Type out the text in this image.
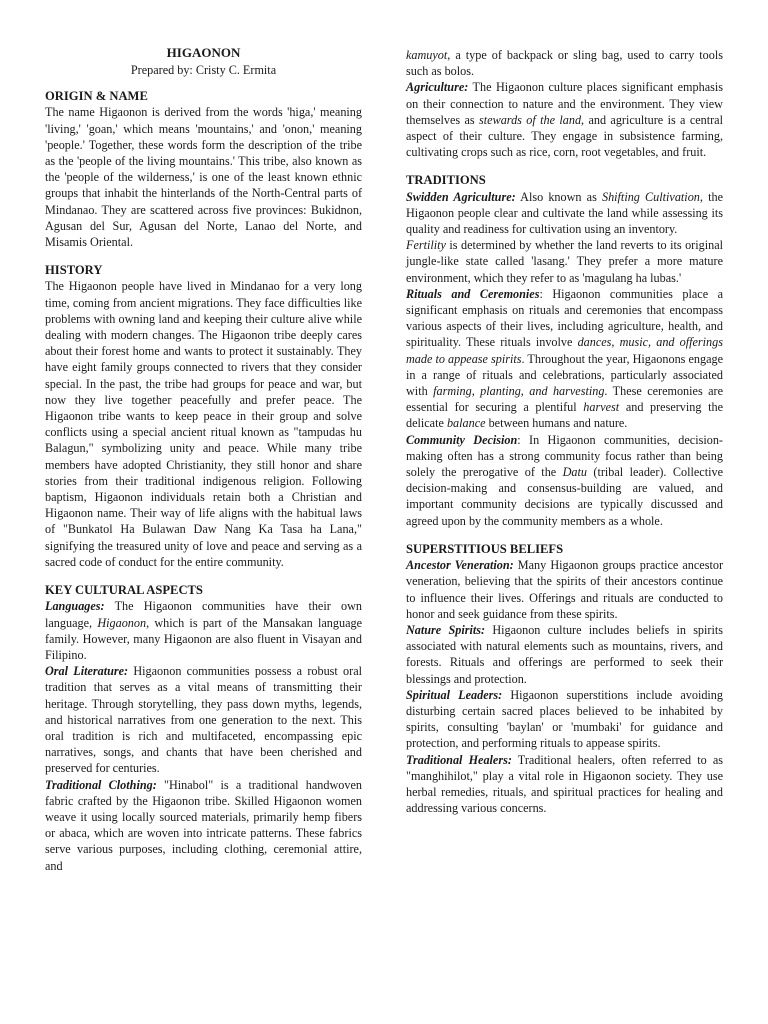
HIGAONON

Prepared by: Cristy C. Ermita

ORIGIN & NAME

The name Higaonon is derived from the words 'higa,' meaning 'living,' 'goan,' which means 'mountains,' and 'onon,' meaning 'people.' Together, these words form the description of the tribe as the 'people of the living mountains.' This tribe, also known as the 'people of the wilderness,' is one of the least known ethnic groups that inhabit the hinterlands of the North-Central parts of Mindanao. They are scattered across five provinces: Bukidnon, Agusan del Sur, Agusan del Norte, Lanao del Norte, and Misamis Oriental.

HISTORY

The Higaonon people have lived in Mindanao for a very long time, coming from ancient migrations. They face difficulties like problems with owning land and keeping their culture alive while dealing with modern changes. The Higaonon tribe deeply cares about their forest home and wants to protect it sustainably. They have eight family groups connected to rivers that they consider special. In the past, the tribe had groups for peace and war, but now they live together peacefully and prefer peace. The Higaonon tribe wants to keep peace in their group and solve conflicts using a special ancient ritual known as "tampudas hu Balagun," symbolizing unity and peace. While many tribe members have adopted Christianity, they still honor and share stories from their traditional indigenous religion. Following baptism, Higaonon individuals retain both a Christian and Higaonon name. Their way of life aligns with the habitual laws of "Bunkatol Ha Bulawan Daw Nang Ka Tasa ha Lana," signifying the treasured unity of love and peace and serving as a sacred code of conduct for the entire community.

KEY CULTURAL ASPECTS

Languages: The Higaonon communities have their own language, Higaonon, which is part of the Mansakan language family. However, many Higaonon are also fluent in Visayan and Filipino.

Oral Literature: Higaonon communities possess a robust oral tradition that serves as a vital means of transmitting their heritage. Through storytelling, they pass down myths, legends, and historical narratives from one generation to the next. This oral tradition is rich and multifaceted, encompassing epic narratives, songs, and chants that have been cherished and preserved for centuries.

Traditional Clothing: "Hinabol" is a traditional handwoven fabric crafted by the Higaonon tribe. Skilled Higaonon women weave it using locally sourced materials, primarily hemp fibers or abaca, which are woven into intricate patterns. These fabrics serve various purposes, including clothing, ceremonial attire, and

kamuyot, a type of backpack or sling bag, used to carry tools such as bolos.

Agriculture: The Higaonon culture places significant emphasis on their connection to nature and the environment. They view themselves as stewards of the land, and agriculture is a central aspect of their culture. They engage in subsistence farming, cultivating crops such as rice, corn, root vegetables, and fruit.

TRADITIONS

Swidden Agriculture: Also known as Shifting Cultivation, the Higaonon people clear and cultivate the land while assessing its quality and readiness for cultivation using an inventory.

Fertility is determined by whether the land reverts to its original jungle-like state called 'lasang.' They prefer a more mature environment, which they refer to as 'magulang ha lubas.'

Rituals and Ceremonies: Higaonon communities place a significant emphasis on rituals and ceremonies that encompass various aspects of their lives, including agriculture, health, and spirituality. These rituals involve dances, music, and offerings made to appease spirits. Throughout the year, Higaonons engage in a range of rituals and celebrations, particularly associated with farming, planting, and harvesting. These ceremonies are essential for securing a plentiful harvest and preserving the delicate balance between humans and nature.

Community Decision: In Higaonon communities, decision-making often has a strong community focus rather than being solely the prerogative of the Datu (tribal leader). Collective decision-making and consensus-building are valued, and important community decisions are typically discussed and agreed upon by the community members as a whole.

SUPERSTITIOUS BELIEFS

Ancestor Veneration: Many Higaonon groups practice ancestor veneration, believing that the spirits of their ancestors continue to influence their lives. Offerings and rituals are conducted to honor and seek guidance from these spirits.

Nature Spirits: Higaonon culture includes beliefs in spirits associated with natural elements such as mountains, rivers, and forests. Rituals and offerings are performed to seek their blessings and protection.

Spiritual Leaders: Higaonon superstitions include avoiding disturbing certain sacred places believed to be inhabited by spirits, consulting 'baylan' or 'mumbaki' for guidance and protection, and performing rituals to appease spirits.

Traditional Healers: Traditional healers, often referred to as "manghihilot," play a vital role in Higaonon society. They use herbal remedies, rituals, and spiritual practices for healing and addressing various concerns.
